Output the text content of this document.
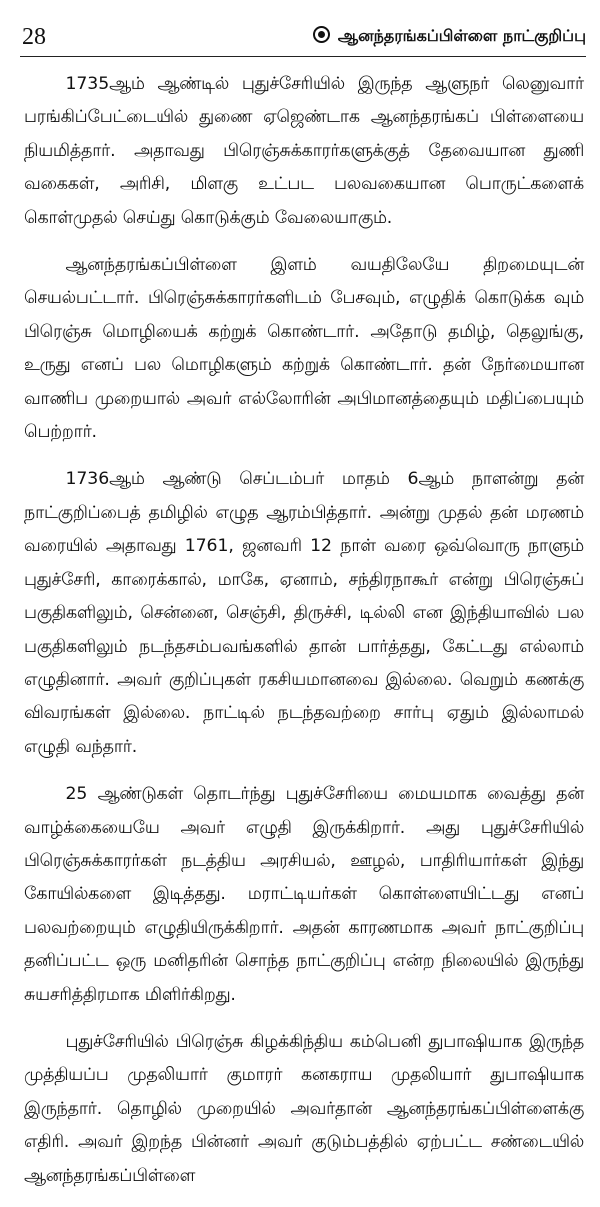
28	ஆனந்தரங்கப்பிள்ளை நாட்குறிப்பு

1735ஆம் ஆண்டில் புதுச்சேரியில் இருந்த ஆளுநர் லெனுவார் பரங்கிப்பேட்டையில் துணை ஏஜெண்டாக ஆனந்தரங்கப் பிள்ளையை நியமித்தார். அதாவது பிரெஞ்சுக்காரர்களுக்குத் தேவையான துணி வகைகள், அரிசி, மிளகு உட்பட பலவகையான பொருட்களைக் கொள்முதல் செய்து கொடுக்கும் வேலையாகும்.

ஆனந்தரங்கப்பிள்ளை இளம் வயதிலேயே திறமையுடன் செயல்பட்டார். பிரெஞ்சுக்காரர்களிடம் பேசவும், எழுதிக் கொடுக்க வும் பிரெஞ்சு மொழியைக் கற்றுக் கொண்டார். அதோடு தமிழ், தெலுங்கு, உருது எனப் பல மொழிகளும் கற்றுக் கொண்டார். தன் நேர்மையான வாணிப முறையால் அவர் எல்லோரின் அபிமானத்தையும் மதிப்பையும் பெற்றார்.

1736ஆம் ஆண்டு செப்டம்பர் மாதம் 6ஆம் நாளன்று தன் நாட்குறிப்பைத் தமிழில் எழுத ஆரம்பித்தார். அன்று முதல் தன் மரணம் வரையில் அதாவது 1761, ஜனவரி 12 நாள் வரை ஒவ்வொரு நாளும் புதுச்சேரி, காரைக்கால், மாகே, ஏனாம், சந்திரநாகூர் என்று பிரெஞ்சுப் பகுதிகளிலும், சென்னை, செஞ்சி, திருச்சி, டில்லி என இந்தியாவில் பல பகுதிகளிலும் நடந்தசம்பவங்களில் தான் பார்த்தது, கேட்டது எல்லாம் எழுதினார். அவர் குறிப்புகள் ரகசியமானவை இல்லை. வெறும் கணக்கு விவரங்கள் இல்லை. நாட்டில் நடந்தவற்றை சார்பு ஏதும் இல்லாமல் எழுதி வந்தார்.

25 ஆண்டுகள் தொடர்ந்து புதுச்சேரியை மையமாக வைத்து தன் வாழ்க்கையையே அவர் எழுதி இருக்கிறார். அது புதுச்சேரியில் பிரெஞ்சுக்காரர்கள் நடத்திய அரசியல், ஊழல், பாதிரியார்கள் இந்து கோயில்களை இடித்தது. மராட்டியர்கள் கொள்ளையிட்டது எனப் பலவற்றையும் எழுதியிருக்கிறார். அதன் காரணமாக அவர் நாட்குறிப்பு தனிப்பட்ட ஒரு மனிதரின் சொந்த நாட்குறிப்பு என்ற நிலையில் இருந்து சுயசரித்திரமாக மிளிர்கிறது.

புதுச்சேரியில் பிரெஞ்சு கிழக்கிந்திய கம்பெனி துபாஷியாக இருந்த முத்தியப்ப முதலியார் குமாரர் கனகராய முதலியார் துபாஷியாக இருந்தார். தொழில் முறையில் அவர்தான் ஆனந்தரங்கப்பிள்ளைக்கு எதிரி. அவர் இறந்த பின்னர் அவர் குடும்பத்தில் ஏற்பட்ட சண்டையில் ஆனந்தரங்கப்பிள்ளை
